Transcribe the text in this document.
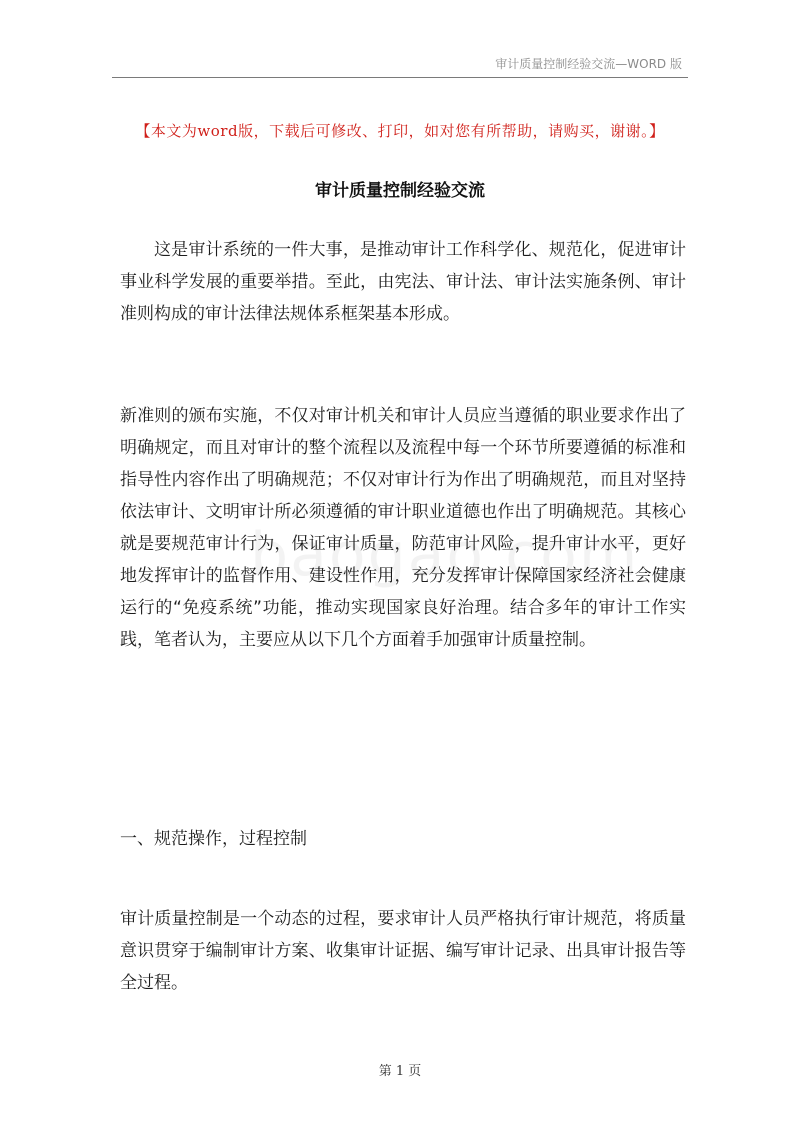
审计质量控制经验交流—WORD 版
【本文为word版，下载后可修改、打印，如对您有所帮助，请购买，谢谢。】
审计质量控制经验交流

这是审计系统的一件大事，是推动审计工作科学化、规范化，促进审计事业科学发展的重要举措。至此，由宪法、审计法、审计法实施条例、审计准则构成的审计法律法规体系框架基本形成。

新准则的颁布实施，不仅对审计机关和审计人员应当遵循的职业要求作出了明确规定，而且对审计的整个流程以及流程中每一个环节所要遵循的标准和指导性内容作出了明确规范；不仅对审计行为作出了明确规范，而且对坚持依法审计、文明审计所必须遵循的审计职业道德也作出了明确规范。其核心就是要规范审计行为，保证审计质量，防范审计风险，提升审计水平，更好地发挥审计的监督作用、建设性作用，充分发挥审计保障国家经济社会健康运行的“免疫系统”功能，推动实现国家良好治理。结合多年的审计工作实践，笔者认为，主要应从以下几个方面着手加强审计质量控制。

一、规范操作，过程控制

审计质量控制是一个动态的过程，要求审计人员严格执行审计规范，将质量意识贯穿于编制审计方案、收集审计证据、编写审计记录、出具审计报告等全过程。

第 1 页
